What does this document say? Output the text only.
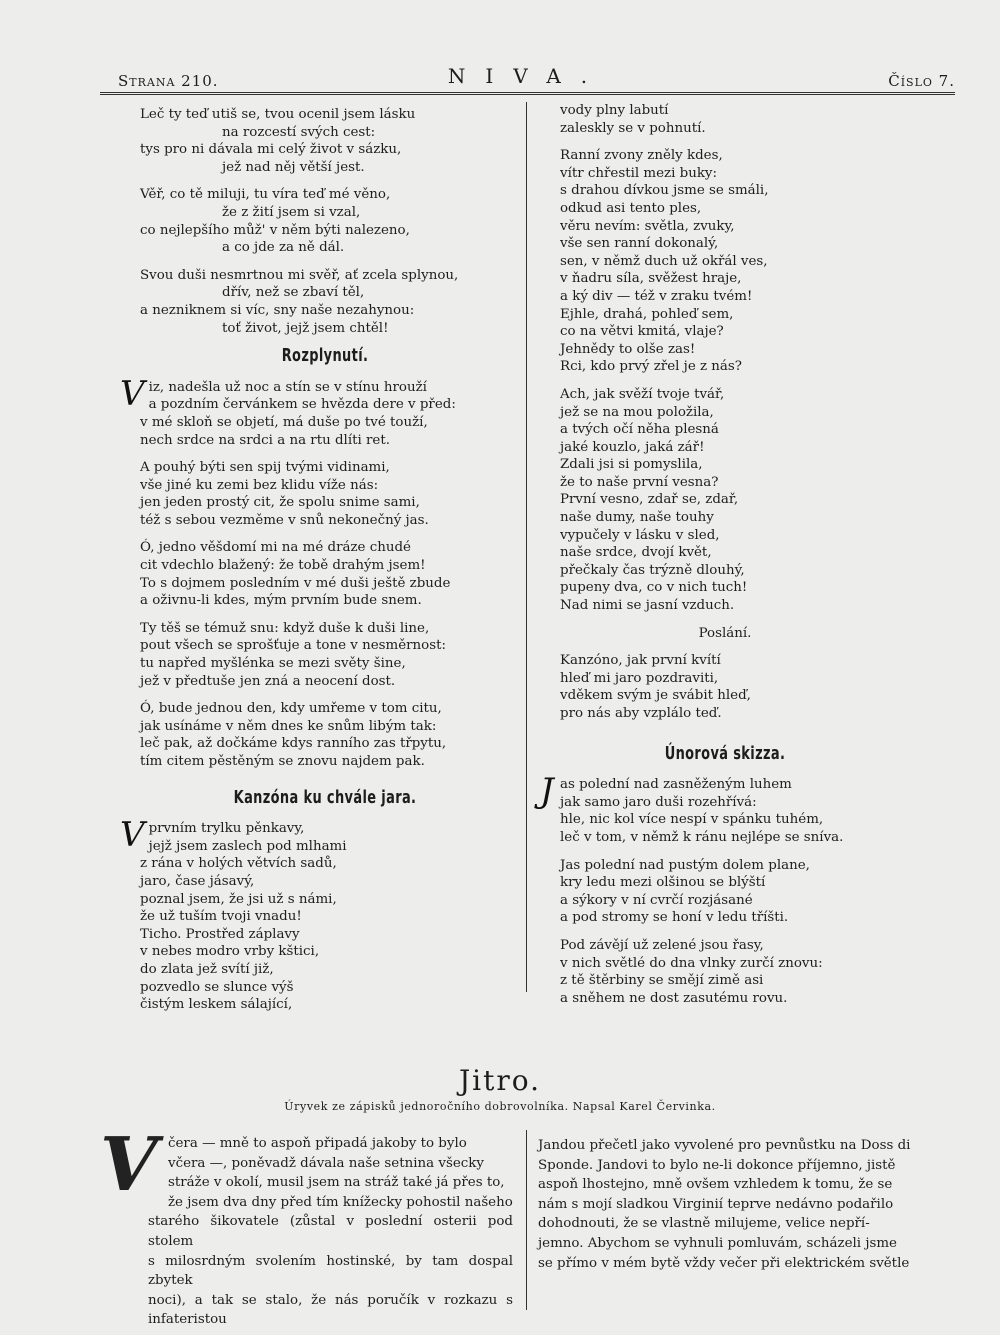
Strana 210.	NIVA.	Číslo 7.
Leč ty teď utiš se, tvou ocenil jsem lásku
na rozcestí svých cest:
tys pro ni dávala mi celý život v sázku,
jež nad něj větší jest.
Věř, co tě miluji, tu víra teď mé věno,
že z žití jsem si vzal,
co nejlepšího můž' v něm býti nalezeno,
a co jde za ně dál.
Svou duši nesmrtnou mi svěř, ať zcela splynou,
dřív, než se zbaví těl,
a nezniknem si víc, sny naše nezahynou:
toť život, jejž jsem chtěl!
Rozplynutí.
V iz, nadešla už noc a stín se v stínu hrouží
a pozdním červánkem se hvězda dere v před:
v mé skloň se objetí, má duše po tvé touží,
nech srdce na srdci a na rtu dlíti ret.
A pouhý býti sen spij tvými vidinami,
vše jiné ku zemi bez klidu víže nás:
jen jeden prostý cit, že spolu snime sami,
též s sebou vezměme v snů nekonečný jas.
Ó, jedno věšdomí mi na mé dráze chudé
cit vdechlo blažený: že tobě drahým jsem!
To s dojmem posledním v mé duši ještě zbude
a oživnu-li kdes, mým prvním bude snem.
Ty těš se témuž snu: když duše k duši line,
pout všech se sprošťuje a tone v nesměrnost:
tu napřed myšlénka se mezi světy šine,
jež v předtuše jen zná a neocení dost.
Ó, bude jednou den, kdy umřeme v tom citu,
jak usínáme v něm dnes ke snům libým tak:
leč pak, až dočkáme kdys ranního zas třpytu,
tím citem pěstěným se znovu najdem pak.
Kanzóna ku chvále jara.
V prvním trylku pěnkavy,
jejž jsem zaslech pod mlhami
z rána v holých větvích sadů,
jaro, čase jásavý,
poznal jsem, že jsi už s námi,
že už tuším tvoji vnadu!
Ticho. Prostřed záplavy
v nebes modro vrby kštici,
do zlata jež svítí již,
pozvedlo se slunce výš
čistým leskem sálající,
vody plny labutí
zaleskly se v pohnutí.
Ranní zvony zněly kdes,
vítr chřestil mezi buky:
s drahou dívkou jsme se smáli,
odkud asi tento ples,
věru nevím: světla, zvuky,
vše sen ranní dokonalý,
sen, v němž duch už okřál ves,
v ňadru síla, svěžest hraje,
a ký div — též v zraku tvém!
Ejhle, drahá, pohleď sem,
co na větvi kmitá, vlaje?
Jehnědy to olše zas!
Rci, kdo prvý zřel je z nás?
Ach, jak svěží tvoje tvář,
jež se na mou položila,
a tvých očí něha plesná
jaké kouzlo, jaká zář!
Zdali jsi si pomyslila,
že to naše první vesna?
První vesno, zdař se, zdař,
naše dumy, naše touhy
vypučely v lásku v sled,
naše srdce, dvojí květ,
přečkaly čas trýzně dlouhý,
pupeny dva, co v nich tuch!
Nad nimi se jasní vzduch.
Poslání.
Kanzóno, jak první kvítí
hleď mi jaro pozdraviti,
vděkem svým je svábit hleď,
pro nás aby vzplálo teď.
Únorová skizza.
J as polední nad zasněženým luhem
jak samo jaro duši rozehřívá:
hle, nic kol více nespí v spánku tuhém,
leč v tom, v němž k ránu nejlépe se sníva.
Jas polední nad pustým dolem plane,
kry ledu mezi olšinou se blýští
a sýkory v ní cvrčí rozjásané
a pod stromy se honí v ledu tříšti.
Pod závějí už zelené jsou řasy,
v nich světlé do dna vlnky zurčí znovu:
z tě štěrbiny se smějí zimě asi
a sněhem ne dost zasutému rovu.
Jitro.
Úryvek ze zápisků jednoročního dobrovolníka. Napsal Karel Červinka.
V čera — mně to aspoň připadá jakoby to bylo
včera —, poněvadž dávala naše setnina všecky
stráže v okolí, musil jsem na stráž také já přes to,
že jsem dva dny před tím knížecky pohostil našeho
starého šikovatele (zůstal v poslední osterii pod stolem
s milosrdným svolením hostinské, by tam dospal zbytek
noci), a tak se stalo, že nás poručík v rozkazu s infateristou
Jandou přečetl jako vyvolené pro pevnůstku na Doss di
Sponde. Jandovi to bylo ne-li dokonce příjemno, jistě
aspoň lhostejno, mně ovšem vzhledem k tomu, že se
nám s mojí sladkou Virginií teprve nedávno podařilo
dohodnouti, že se vlastně milujeme, velice nepří-
jemno. Abychom se vyhnuli pomluvám, scházeli jsme
se přímo v mém bytě vždy večer při elektrickém světle
